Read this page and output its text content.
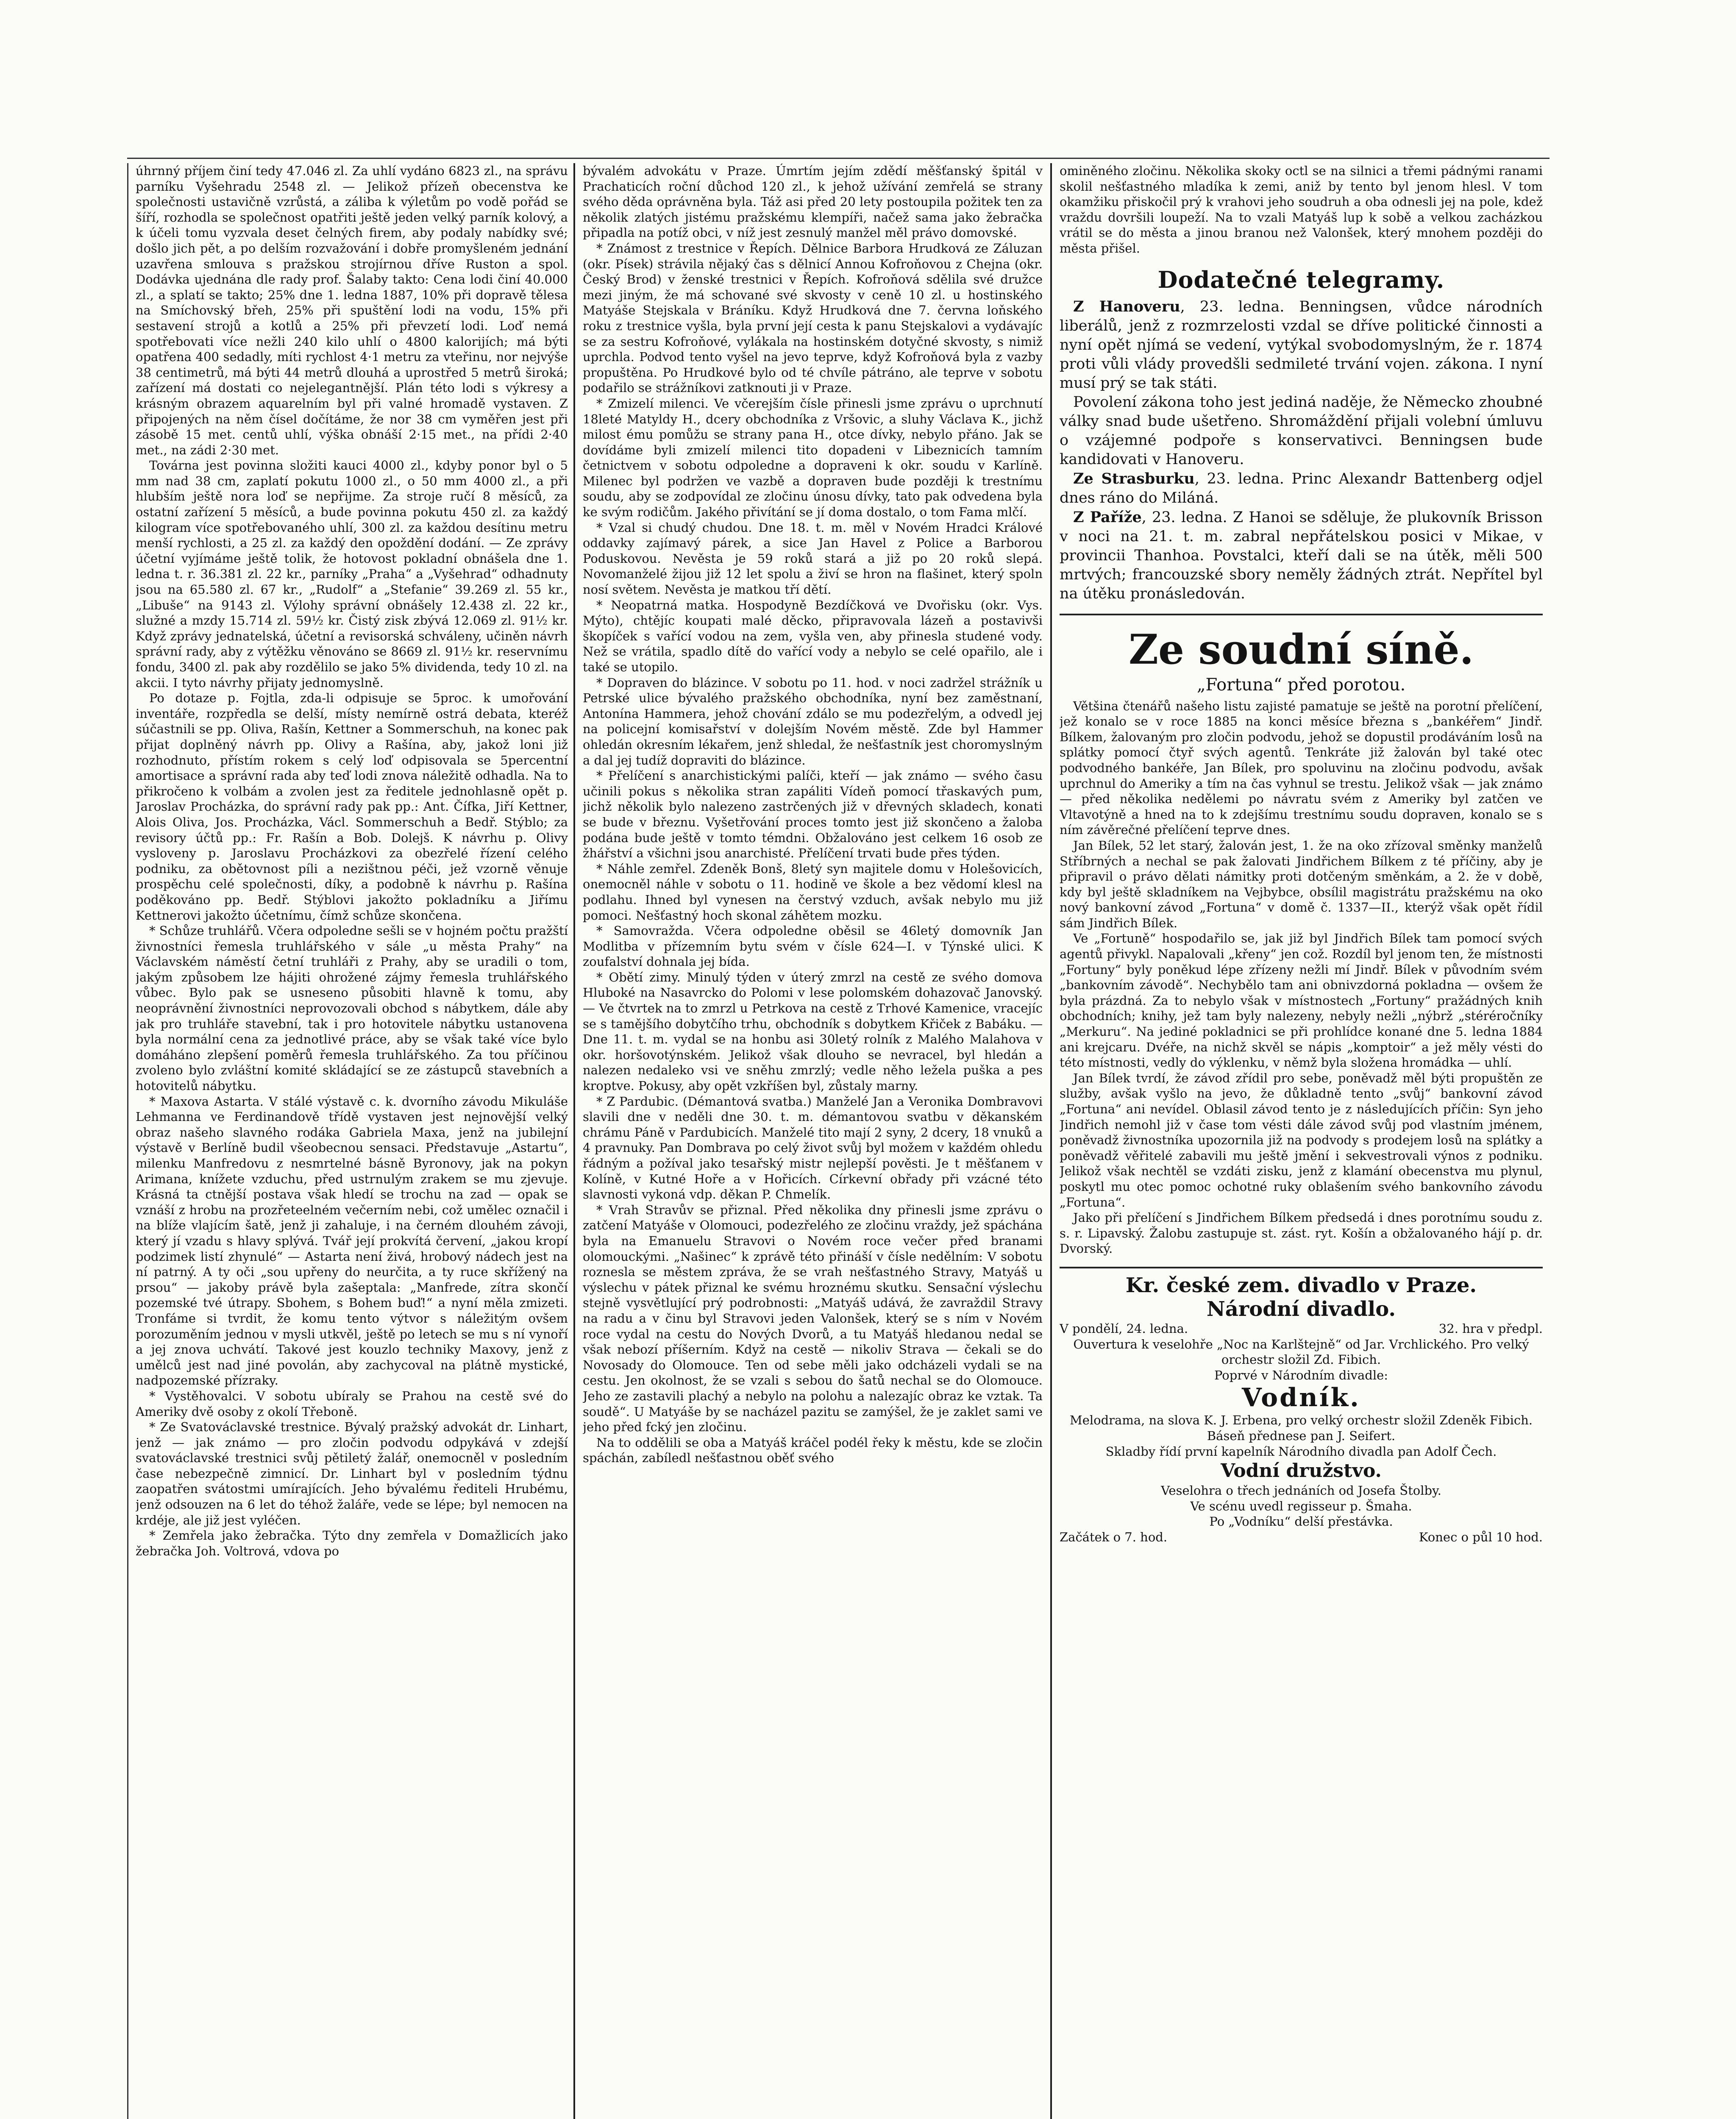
úhrnný příjem činí tedy 47.046 zl. Za uhlí vydáno 6823 zl., na správu parníku Vyšehradu 2548 zl. — Jelikož přízeň obecenstva ke společnosti ustavičně vzrůstá, a záliba k výletům po vodě pořád se šíří, rozhodla se společnost opatřiti ještě jeden velký parník kolový, a k účeli tomu vyzvala deset čelných firem, aby podaly nabídky své; došlo jich pět, a po delším rozvažování i dobře promyšleném jednání uzavřena smlouva s pražskou strojírnou dříve Ruston a spol. Dodávka ujednána dle rady prof. Šalaby takto: Cena lodi činí 40.000 zl., a splatí se takto; 25% dne 1. ledna 1887, 10% při dopravě tělesa na Smíchovský břeh, 25% při spuštění lodi na vodu, 15% při sestavení strojů a kotlů a 25% při převzetí lodi. Loď nemá spotřebovati více nežli 240 kilo uhlí o 4800 kalorijích; má býti opatřena 400 sedadly, míti rychlost 4·1 metru za vteřinu, nor nejvýše 38 centimetrů, má býti 44 metrů dlouhá a uprostřed 5 metrů široká; zařízení má dostati co nejelegantnější. Plán této lodi s výkresy a krásným obrazem aquarelním byl při valné hromadě vystaven. Z připojených na něm čísel dočítáme, že nor 38 cm vyměřen jest při zásobě 15 met. centů uhlí, výška obnáší 2·15 met., na přídi 2·40 met., na zádi 2·30 met.

Továrna jest povinna složiti kauci 4000 zl., kdyby ponor byl o 5 mm nad 38 cm, zaplatí pokutu 1000 zl., o 50 mm 4000 zl., a při hlubším ještě nora loď se nepřijme. Za stroje ručí 8 měsíců, za ostatní zařízení 5 měsíců, a bude povinna pokutu 450 zl. za každý kilogram více spotřebovaného uhlí, 300 zl. za každou desítinu metru menší rychlosti, a 25 zl. za každý den opoždění dodání. — Ze zprávy účetní vyjímáme ještě tolik, že hotovost pokladní obnášela dne 1. ledna t. r. 36.381 zl. 22 kr., parníky „Praha“ a „Vyšehrad“ odhadnuty jsou na 65.580 zl. 67 kr., „Rudolf“ a „Stefanie“ 39.269 zl. 55 kr., „Libuše“ na 9143 zl. Výlohy správní obnášely 12.438 zl. 22 kr., služné a mzdy 15.714 zl. 59½ kr. Čistý zisk zbývá 12.069 zl. 91½ kr. Když zprávy jednatelská, účetní a revisorská schváleny, učiněn návrh správní rady, aby z výtěžku věnováno se 8669 zl. 91½ kr. reservnímu fondu, 3400 zl. pak aby rozdělilo se jako 5% dividenda, tedy 10 zl. na akcii. I tyto návrhy přijaty jednomyslně.

Po dotaze p. Fojtla, zda-li odpisuje se 5proc. k umořování inventáře, rozpředla se delší, místy nemírně ostrá debata, kteréž súčastnili se pp. Oliva, Rašín, Kettner a Sommerschuh, na konec pak přijat doplněný návrh pp. Olivy a Rašína, aby, jakož loni již rozhodnuto, přístím rokem s celý loď odpisovala se 5percentní amortisace a správní rada aby teď lodi znova náležitě odhadla. Na to přikročeno k volbám a zvolen jest za ředitele jednohlasně opět p. Jaroslav Procházka, do správní rady pak pp.: Ant. Čífka, Jiří Kettner, Alois Oliva, Jos. Procházka, Václ. Sommerschuh a Bedř. Stýblo; za revisory účtů pp.: Fr. Rašín a Bob. Dolejš. K návrhu p. Olivy vysloveny p. Jaroslavu Procházkovi za obezřelé řízení celého podniku, za obětovnost píli a nezištnou péči, jež vzorně věnuje prospěchu celé společnosti, díky, a podobně k návrhu p. Rašína poděkováno pp. Bedř. Stýblovi jakožto pokladníku a Jiřímu Kettnerovi jakožto účetnímu, čímž schůze skončena.

* Schůze truhlářů. Včera odpoledne sešli se v hojném počtu pražští živnostníci řemesla truhlářského v sále „u města Prahy“ na Václavském náměstí četní truhláři z Prahy, aby se uradili o tom, jakým způsobem lze hájiti ohrožené zájmy řemesla truhlářského vůbec. Bylo pak se usneseno působiti hlavně k tomu, aby neoprávnění živnostníci neprovozovali obchod s nábytkem, dále aby jak pro truhláře stavební, tak i pro hotovitele nábytku ustanovena byla normální cena za jednotlivé práce, aby se však také více bylo domáháno zlepšení poměrů řemesla truhlářského. Za tou příčinou zvoleno bylo zvláštní komité skládající se ze zástupců stavebních a hotovitelů nábytku.

* Maxova Astarta. V stálé výstavě c. k. dvorního závodu Mikuláše Lehmanna ve Ferdinandově třídě vystaven jest nejnovější velký obraz našeho slavného rodáka Gabriela Maxa, jenž na jubilejní výstavě v Berlíně budil všeobecnou sensaci. Představuje „Astartu“, milenku Manfredovu z nesmrtelné básně Byronovy, jak na pokyn Arimana, knížete vzduchu, před ustrnulým zrakem se mu zjevuje. Krásná ta ctnější postava však hledí se trochu na zad — opak se vznáší z hrobu na prozřeteelném večerním nebi, což umělec označil i na blíže vlajícím šatě, jenž ji zahaluje, i na černém dlouhém závoji, který jí vzadu s hlavy splývá. Tvář její prokvítá červení, „jakou kropí podzimek listí zhynulé“ — Astarta není živá, hrobový nádech jest na ní patrný. A ty oči „sou upřeny do neurčita, a ty ruce skřížený na prsou“ — jakoby právě byla zašeptala: „Manfrede, zítra skončí pozemské tvé útrapy. Sbohem, s Bohem buď!“ a nyní měla zmizeti. Tronfáme si tvrdit, že komu tento výtvor s náležitým ovšem porozuměním jednou v mysli utkvěl, ještě po letech se mu s ní vynoří a jej znova uchvátí. Takové jest kouzlo techniky Maxovy, jenž z umělců jest nad jiné povolán, aby zachycoval na plátně mystické, nadpozemské přízraky.

* Vystěhovalci. V sobotu ubíraly se Prahou na cestě své do Ameriky dvě osoby z okolí Třeboně.

* Ze Svatováclavské trestnice. Bývalý pražský advokát dr. Linhart, jenž — jak známo — pro zločin podvodu odpykává v zdejší svatováclavské trestnici svůj pětiletý žalář, onemocněl v posledním čase nebezpečně zimnicí. Dr. Linhart byl v posledním týdnu zaopatřen svátostmi umírajících. Jeho bývalému řediteli Hrubému, jenž odsouzen na 6 let do téhož žaláře, vede se lépe; byl nemocen na krdéje, ale již jest vyléčen.

* Zemřela jako žebračka. Týto dny zemřela v Domažlicích jako žebračka Joh. Voltrová, vdova po

bývalém advokátu v Praze. Úmrtím jejím zdědí měšťanský špitál v Prachaticích roční důchod 120 zl., k jehož užívání zemřelá se strany svého děda oprávněna byla. Táž asi před 20 lety postoupila požitek ten za několik zlatých jistému pražskému klempíři, načež sama jako žebračka připadla na potíž obci, v níž jest zesnulý manžel měl právo domovské.

* Známost z trestnice v Řepích. Dělnice Barbora Hrudková ze Záluzan (okr. Písek) strávila nějaký čas s dělnicí Annou Kofroňovou z Chejna (okr. Český Brod) v ženské trestnici v Řepích. Kofroňová sdělila své družce mezi jiným, že má schované své skvosty v ceně 10 zl. u hostinského Matyáše Stejskala v Bráníku. Když Hrudková dne 7. června loňského roku z trestnice vyšla, byla první její cesta k panu Stejskalovi a vydávajíc se za sestru Kofroňové, vylákala na hostinském dotyčné skvosty, s nimiž uprchla. Podvod tento vyšel na jevo teprve, když Kofroňová byla z vazby propuštěna. Po Hrudkové bylo od té chvíle pátráno, ale teprve v sobotu podařilo se strážníkovi zatknouti ji v Praze.

* Zmizelí milenci. Ve včerejším čísle přinesli jsme zprávu o uprchnutí 18leté Matyldy H., dcery obchodníka z Vršovic, a sluhy Václava K., jichž milost ému pomůžu se strany pana H., otce dívky, nebylo přáno. Jak se dovídáme byli zmizelí milenci tito dopadeni v Libeznicích tamním četnictvem v sobotu odpoledne a dopraveni k okr. soudu v Karlíně. Milenec byl podržen ve vazbě a dopraven bude později k trestnímu soudu, aby se zodpovídal ze zločinu únosu dívky, tato pak odvedena byla ke svým rodičům. Jakého přivítání se jí doma dostalo, o tom Fama mlčí.

* Vzal si chudý chudou. Dne 18. t. m. měl v Novém Hradci Králové oddavky zajímavý párek, a sice Jan Havel z Police a Barborou Poduskovou. Nevěsta je 59 roků stará a již po 20 roků slepá. Novomanželé žijou již 12 let spolu a živí se hron na flašinet, který spoln nosí světem. Nevěsta je matkou tří dětí.

* Neopatrná matka. Hospodyně Bezdíčková ve Dvořisku (okr. Vys. Mýto), chtějíc koupati malé děcko, připravovala lázeň a postavivši škopíček s vařící vodou na zem, vyšla ven, aby přinesla studené vody. Než se vrátila, spadlo dítě do vařící vody a nebylo se celé opařilo, ale i také se utopilo.

* Dopraven do blázince. V sobotu po 11. hod. v noci zadržel strážník u Petrské ulice bývalého pražského obchodníka, nyní bez zaměstnaní, Antonína Hammera, jehož chování zdálo se mu podezřelým, a odvedl jej na policejní komisařství v dolejším Novém městě. Zde byl Hammer ohledán okresním lékařem, jenž shledal, že nešťastník jest choromyslným a dal jej tudíž dopraviti do blázince.

* Přelíčení s anarchistickými palíči, kteří — jak známo — svého času učinili pokus s několika stran zapáliti Vídeň pomocí třaskavých pum, jichž několik bylo nalezeno zastrčených již v dřevných skladech, konati se bude v březnu. Vyšetřování proces tomto jest již skončeno a žaloba podána bude ještě v tomto témdni. Obžalováno jest celkem 16 osob ze žhářství a všichni jsou anarchisté. Přelíčení trvati bude přes týden.

* Náhle zemřel. Zdeněk Bonš, 8letý syn majitele domu v Holešovicích, onemocněl náhle v sobotu o 11. hodině ve škole a bez vědomí klesl na podlahu. Ihned byl vynesen na čerstvý vzduch, avšak nebylo mu již pomoci. Nešťastný hoch skonal záhětem mozku.

* Samovražda. Včera odpoledne oběsil se 46letý domovník Jan Modlitba v přízemním bytu svém v čísle 624—I. v Týnské ulici. K zoufalství dohnala jej bída.

* Obětí zimy. Minulý týden v úterý zmrzl na cestě ze svého domova Hluboké na Nasavrcko do Polomi v lese polomském dohazovač Janovský. — Ve čtvrtek na to zmrzl u Petrkova na cestě z Trhové Kamenice, vracejíc se s tamějšího dobytčího trhu, obchodník s dobytkem Křiček z Babáku. — Dne 11. t. m. vydal se na honbu asi 30letý rolník z Malého Malahova v okr. horšovotýnském. Jelikož však dlouho se nevracel, byl hledán a nalezen nedaleko vsi ve sněhu zmrzlý; vedle něho ležela puška a pes kroptve. Pokusy, aby opět vzkříšen byl, zůstaly marny.

* Z Pardubic. (Démantová svatba.) Manželé Jan a Veronika Dombravovi slavili dne v neděli dne 30. t. m. démantovou svatbu v děkanském chrámu Páně v Pardubicích. Manželé tito mají 2 syny, 2 dcery, 18 vnuků a 4 pravnuky. Pan Dombrava po celý život svůj byl možem v každém ohledu řádným a požíval jako tesařský mistr nejlepší pověsti. Je t měšťanem v Kolíně, v Kutné Hoře a v Hořicích. Církevní obřady při vzácné této slavnosti vykoná vdp. děkan P. Chmelík.

* Vrah Stravův se přiznal. Před několika dny přinesli jsme zprávu o zatčení Matyáše v Olomouci, podezřelého ze zločinu vraždy, jež spáchána byla na Emanuelu Stravovi o Novém roce večer před branami olomouckými. „Našinec“ k zprávě této přináší v čísle nedělním: V sobotu roznesla se městem zpráva, že se vrah nešťastného Stravy, Matyáš u výslechu v pátek přiznal ke svému hroznému skutku. Sensační výslechu stejně vysvětlující prý podrobnosti: „Matyáš udává, že zavraždil Stravy na radu a v činu byl Stravovi jeden Valonšek, který se s ním v Novém roce vydal na cestu do Nových Dvorů, a tu Matyáš hledanou nedal se však nebozí příšerním. Když na cestě — nikoliv Strava — čekali se do Novosady do Olomouce. Ten od sebe měli jako odcházeli vydali se na cestu. Jen okolnost, že se vzali s sebou do šatů nechal se do Olomouce. Jeho ze zastavili plachý a nebylo na polohu a nalezajíc obraz ke vztak. Ta soudě“. U Matyáše by se nacházel pazitu se zamýšel, že je zaklet sami ve jeho před fcký jen zločinu.

Na to oddělili se oba a Matyáš kráčel podél řeky k městu, kde se zločin spáchán, zabíledl nešťastnou oběť svého

ominěného zločinu. Několika skoky octl se na silnici a třemi pádnými ranami skolil nešťastného mladíka k zemi, aniž by tento byl jenom hlesl. V tom okamžiku přiskočil prý k vrahovi jeho soudruh a oba odnesli jej na pole, kdež vraždu dovršili loupeží. Na to vzali Matyáš lup k sobě a velkou zacházkou vrátil se do města a jinou branou než Valonšek, který mnohem později do města přišel.

Dodatečné telegramy.

Z Hanoveru, 23. ledna. Benningsen, vůdce národních liberálů, jenž z rozmrzelosti vzdal se dříve politické činnosti a nyní opět njímá se vedení, vytýkal svobodomyslným, že r. 1874 proti vůli vlády provedšli sedmileté trvání vojen. zákona. I nyní musí prý se tak státi.

Povolení zákona toho jest jediná naděje, že Německo zhoubné války snad bude ušetřeno. Shromáždění přijali volební úmluvu o vzájemné podpoře s konservativci. Benningsen bude kandidovati v Hanoveru.

Ze Strasburku, 23. ledna. Princ Alexandr Battenberg odjel dnes ráno do Miláná.

Z Paříže, 23. ledna. Z Hanoi se sděluje, že plukovník Brisson v noci na 21. t. m. zabral nepřátelskou posici v Mikae, v provincii Thanhoa. Povstalci, kteří dali se na útěk, měli 500 mrtvých; francouzské sbory neměly žádných ztrát. Nepřítel byl na útěku pronásledován.

Ze soudní síně.
„Fortuna“ před porotou.

Většina čtenářů našeho listu zajisté pamatuje se ještě na porotní přelíčení, jež konalo se v roce 1885 na konci měsíce března s „bankéřem“ Jindř. Bílkem, žalovaným pro zločin podvodu, jehož se dopustil prodáváním losů na splátky pomocí čtyř svých agentů. Tenkráte již žalován byl také otec podvodného bankéře, Jan Bílek, pro spoluvinu na zločinu podvodu, avšak uprchnul do Ameriky a tím na čas vyhnul se trestu. Jelikož však — jak známo — před několika nedělemi po návratu svém z Ameriky byl zatčen ve Vltavotýně a hned na to k zdejšímu trestnímu soudu dopraven, konalo se s ním závěrečné přelíčení teprve dnes.

Jan Bílek, 52 let starý, žalován jest, 1. že na oko zřízoval směnky manželů Stříbrných a nechal se pak žalovati Jindřichem Bílkem z té příčiny, aby je připravil o právo dělati námitky proti dotčeným směnkám, a 2. že v době, kdy byl ještě skladníkem na Vejbybce, obsílil magistrátu pražskému na oko nový bankovní závod „Fortuna“ v domě č. 1337—II., kterýž však opět řídil sám Jindřich Bílek.

Ve „Fortuně“ hospodařilo se, jak již byl Jindřich Bílek tam pomocí svých agentů přivykl. Napalovali „křeny“ jen což. Rozdíl byl jenom ten, že místnosti „Fortuny“ byly poněkud lépe zřízeny nežli mí Jindř. Bílek v původním svém „bankovním závodě“. Nechybělo tam ani obnivzdorná pokladna — ovšem že byla prázdná. Za to nebylo však v místnostech „Fortuny“ pražádných knih obchodních; knihy, jež tam byly nalezeny, nebyly nežli „nýbrž „stéréročníky „Merkuru“. Na jediné pokladnici se při prohlídce konané dne 5. ledna 1884 ani krejcaru. Dvéře, na nichž skvěl se nápis „komptoir“ a jež měly vésti do této místnosti, vedly do výklenku, v němž byla složena hromádka — uhlí.

Jan Bílek tvrdí, že závod zřídil pro sebe, poněvadž měl býti propuštěn ze služby, avšak vyšlo na jevo, že důkladně tento „svůj“ bankovní závod „Fortuna“ ani nevídel. Oblasil závod tento je z následujících příčin: Syn jeho Jindřich nemohl již v čase tom vésti dále závod svůj pod vlastním jménem, poněvadž živnostníka upozornila již na podvody s prodejem losů na splátky a poněvadž věřitelé zabavili mu ještě jmění i sekvestrovali výnos z podniku. Jelikož však nechtěl se vzdáti zisku, jenž z klamání obecenstva mu plynul, poskytl mu otec pomoc ochotné ruky oblašením svého bankovního závodu „Fortuna“.

Jako při přelíčení s Jindřichem Bílkem předsedá i dnes porotnímu soudu z. s. r. Lipavský. Žalobu zastupuje st. zást. ryt. Košín a obžalovaného hájí p. dr. Dvorský.

Kr. české zem. divadlo v Praze.
Národní divadlo.
V pondělí, 24. ledna.	32. hra v předpl.

Ouvertura k veselohře „Noc na Karlštejně“ od Jar. Vrchlického. Pro velký orchestr složil Zd. Fibich.

Poprvé v Národním divadle:

Vodník.

Melodrama, na slova K. J. Erbena, pro velký orchestr složil Zdeněk Fibich.

Báseň přednese pan J. Seifert.

Skladby řídí první kapelník Národního divadla pan Adolf Čech.

Vodní družstvo.

Veselohra o třech jednáních od Josefa Štolby.

Ve scénu uvedl regisseur p. Šmaha.

Po „Vodníku“ delší přestávka.

Začátek o 7. hod.	Konec o půl 10 hod.
